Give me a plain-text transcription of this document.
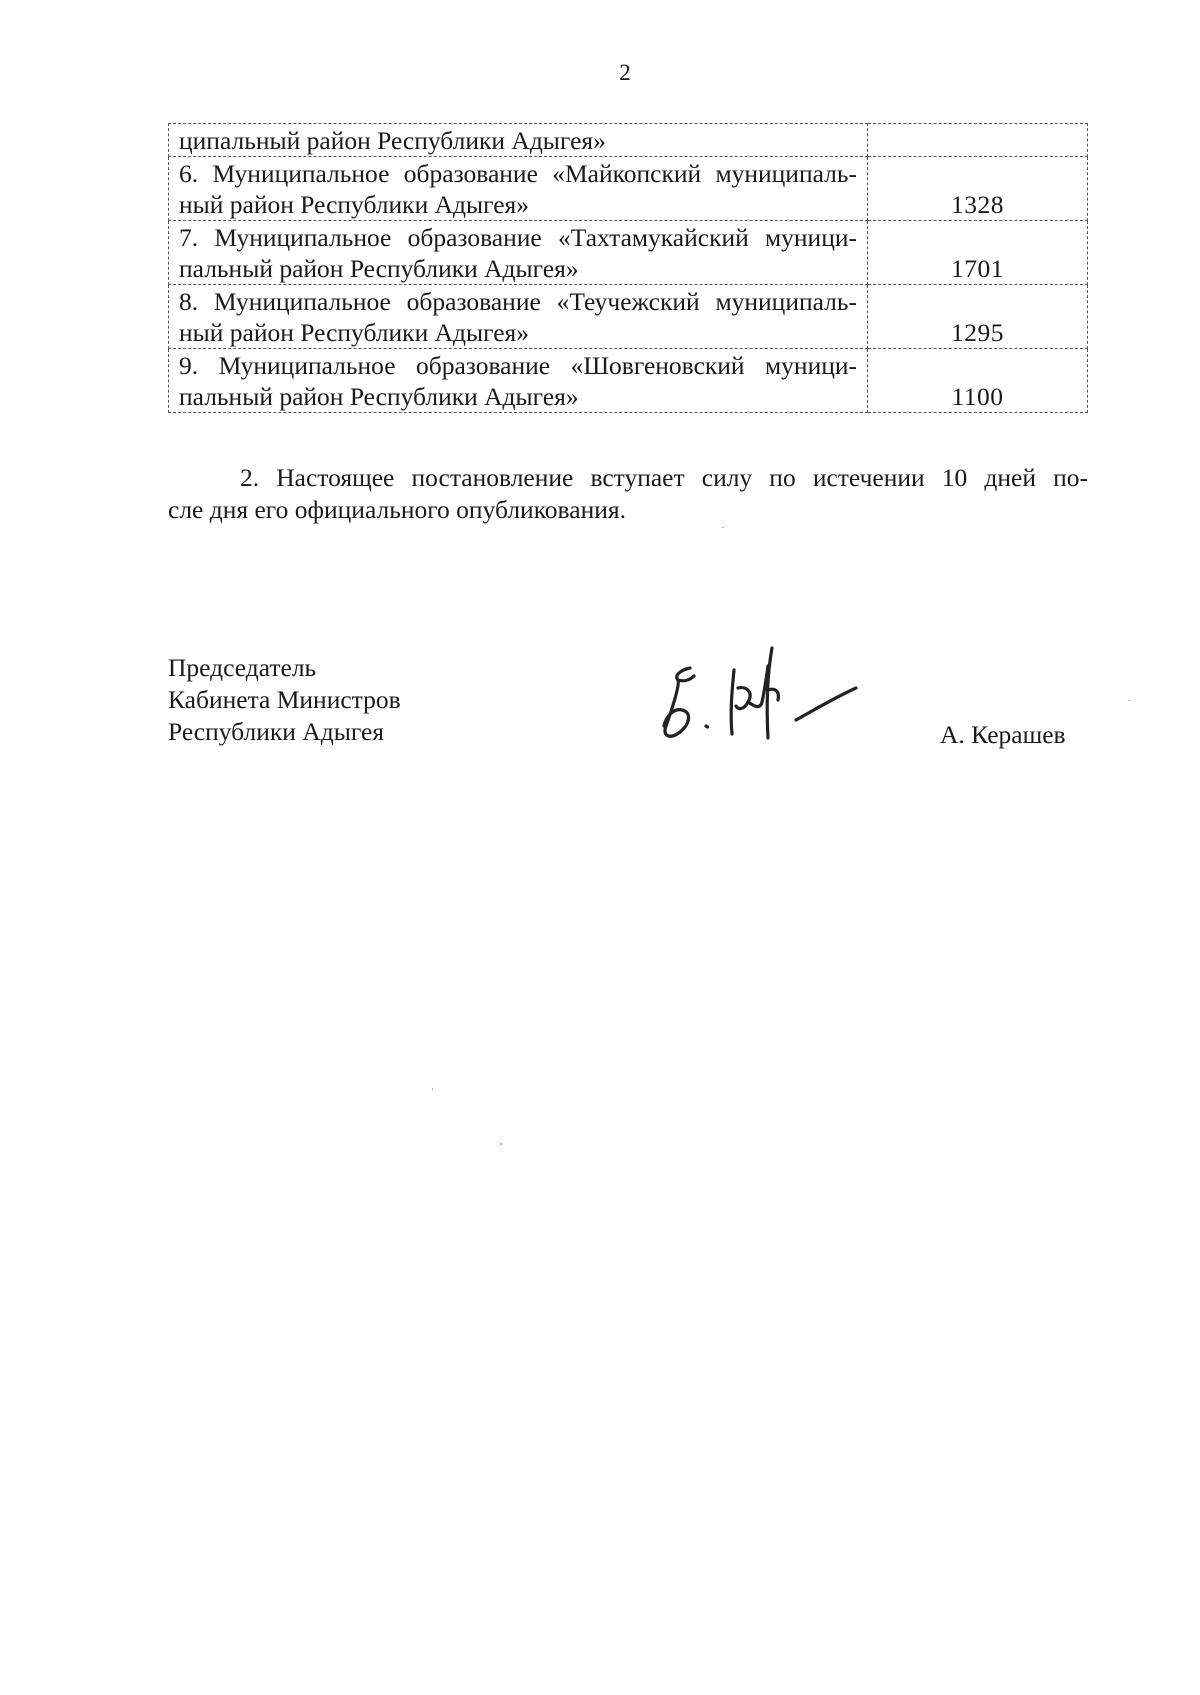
2
ципальный район Республики Адыгея»	

6. Муниципальное образование «Майкопский муниципаль-
ный район Республики Адыгея»	1328

7. Муниципальное образование «Тахтамукайский муници-
пальный район Республики Адыгея»	1701

8. Муниципальное образование «Теучежский муниципаль-
ный район Республики Адыгея»	1295

9. Муниципальное образование «Шовгеновский муници-
пальный район Республики Адыгея»	1100

2. Настоящее постановление вступает силу по истечении 10 дней по-
сле дня его официального опубликования.

Председатель
Кабинета Министров
Республики Адыгея	А. Керашев
